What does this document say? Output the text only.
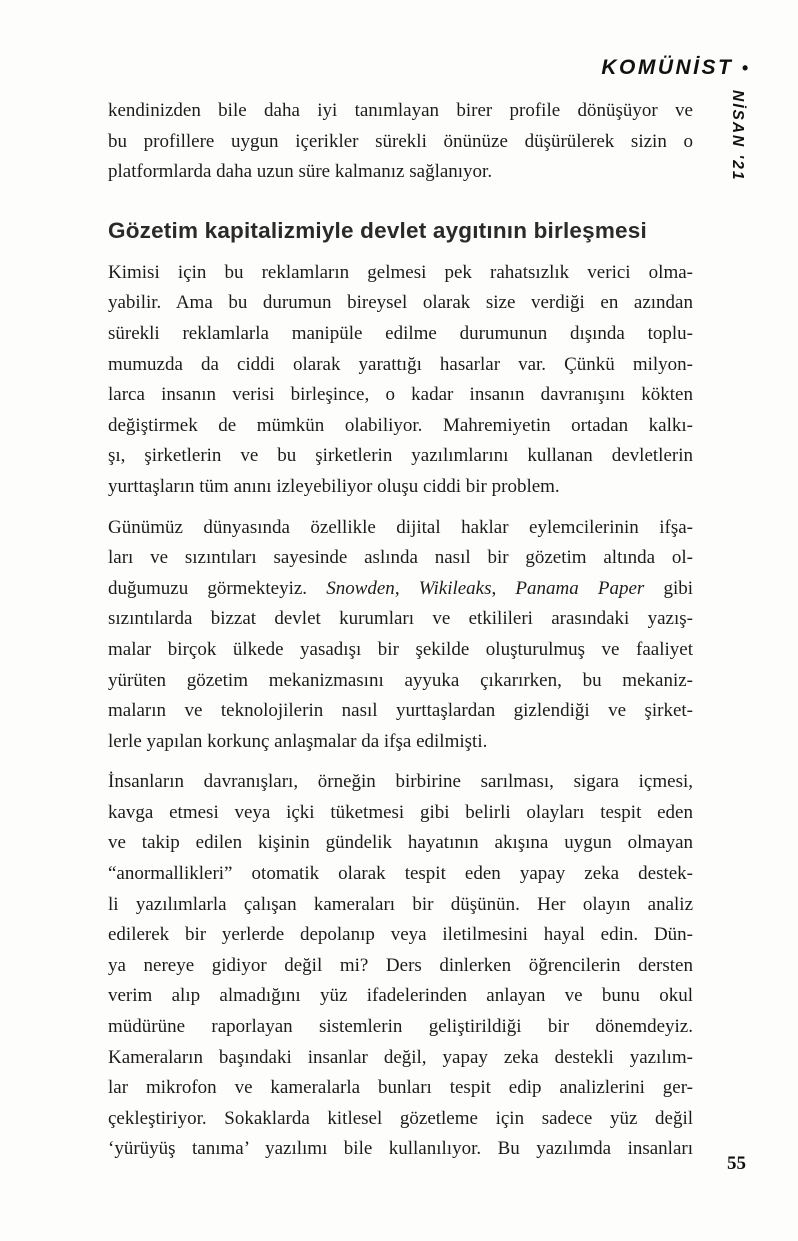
KOMÜNİST •
NİSAN '21
kendinizden bile daha iyi tanımlayan birer profile dönüşüyor ve
bu profillere uygun içerikler sürekli önünüze düşürülerek sizin o
platformlarda daha uzun süre kalmanız sağlanıyor.
Gözetim kapitalizmiyle devlet aygıtının birleşmesi
Kimisi için bu reklamların gelmesi pek rahatsızlık verici olma-
yabilir. Ama bu durumun bireysel olarak size verdiği en azından
sürekli reklamlarla manipüle edilme durumunun dışında toplu-
mumuzda da ciddi olarak yarattığı hasarlar var. Çünkü milyon-
larca insanın verisi birleşince, o kadar insanın davranışını kökten
değiştirmek de mümkün olabiliyor. Mahremiyetin ortadan kalkı-
şı, şirketlerin ve bu şirketlerin yazılımlarını kullanan devletlerin
yurttaşların tüm anını izleyebiliyor oluşu ciddi bir problem.
Günümüz dünyasında özellikle dijital haklar eylemcilerinin ifşa-
ları ve sızıntıları sayesinde aslında nasıl bir gözetim altında ol-
duğumuzu görmekteyiz. Snowden, Wikileaks, Panama Paper gibi
sızıntılarda bizzat devlet kurumları ve etkilileri arasındaki yazış-
malar birçok ülkede yasadışı bir şekilde oluşturulmuş ve faaliyet
yürüten gözetim mekanizmasını ayyuka çıkarırken, bu mekaniz-
maların ve teknolojilerin nasıl yurttaşlardan gizlendiği ve şirket-
lerle yapılan korkunç anlaşmalar da ifşa edilmişti.
İnsanların davranışları, örneğin birbirine sarılması, sigara içmesi,
kavga etmesi veya içki tüketmesi gibi belirli olayları tespit eden
ve takip edilen kişinin gündelik hayatının akışına uygun olmayan
“anormallikleri” otomatik olarak tespit eden yapay zeka destek-
li yazılımlarla çalışan kameraları bir düşünün. Her olayın analiz
edilerek bir yerlerde depolanıp veya iletilmesini hayal edin. Dün-
ya nereye gidiyor değil mi? Ders dinlerken öğrencilerin dersten
verim alıp almadığını yüz ifadelerinden anlayan ve bunu okul
müdürüne raporlayan sistemlerin geliştirildiği bir dönemdeyiz.
Kameraların başındaki insanlar değil, yapay zeka destekli yazılım-
lar mikrofon ve kameralarla bunları tespit edip analizlerini ger-
çekleştiriyor. Sokaklarda kitlesel gözetleme için sadece yüz değil
‘yürüyüş tanıma’ yazılımı bile kullanılıyor. Bu yazılımda insanları
55
